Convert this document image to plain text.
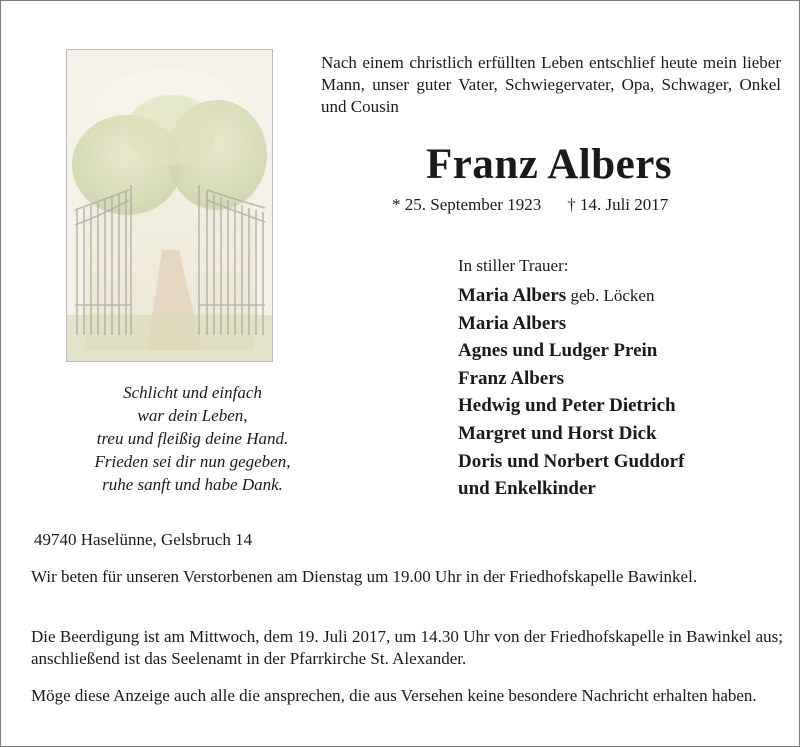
Schlicht und einfach
war dein Leben,
treu und fleißig deine Hand.
Frieden sei dir nun gegeben,
ruhe sanft und habe Dank.
Nach einem christlich erfüllten Leben entschlief heute mein lieber Mann, unser guter Vater, Schwiegervater, Opa, Schwager, Onkel und Cousin
Franz Albers
* 25. September 1923 † 14. Juli 2017
In stiller Trauer:
Maria Albers geb. Löcken
Maria Albers
Agnes und Ludger Prein
Franz Albers
Hedwig und Peter Dietrich
Margret und Horst Dick
Doris und Norbert Guddorf
und Enkelkinder
49740 Haselünne, Gelsbruch 14
Wir beten für unseren Verstorbenen am Dienstag um 19.00 Uhr in der Friedhofskapelle Bawinkel.
Die Beerdigung ist am Mittwoch, dem 19. Juli 2017, um 14.30 Uhr von der Friedhofskapelle in Bawinkel aus; anschließend ist das Seelenamt in der Pfarrkirche St. Alexander.
Möge diese Anzeige auch alle die ansprechen, die aus Versehen keine besondere Nachricht erhalten haben.
